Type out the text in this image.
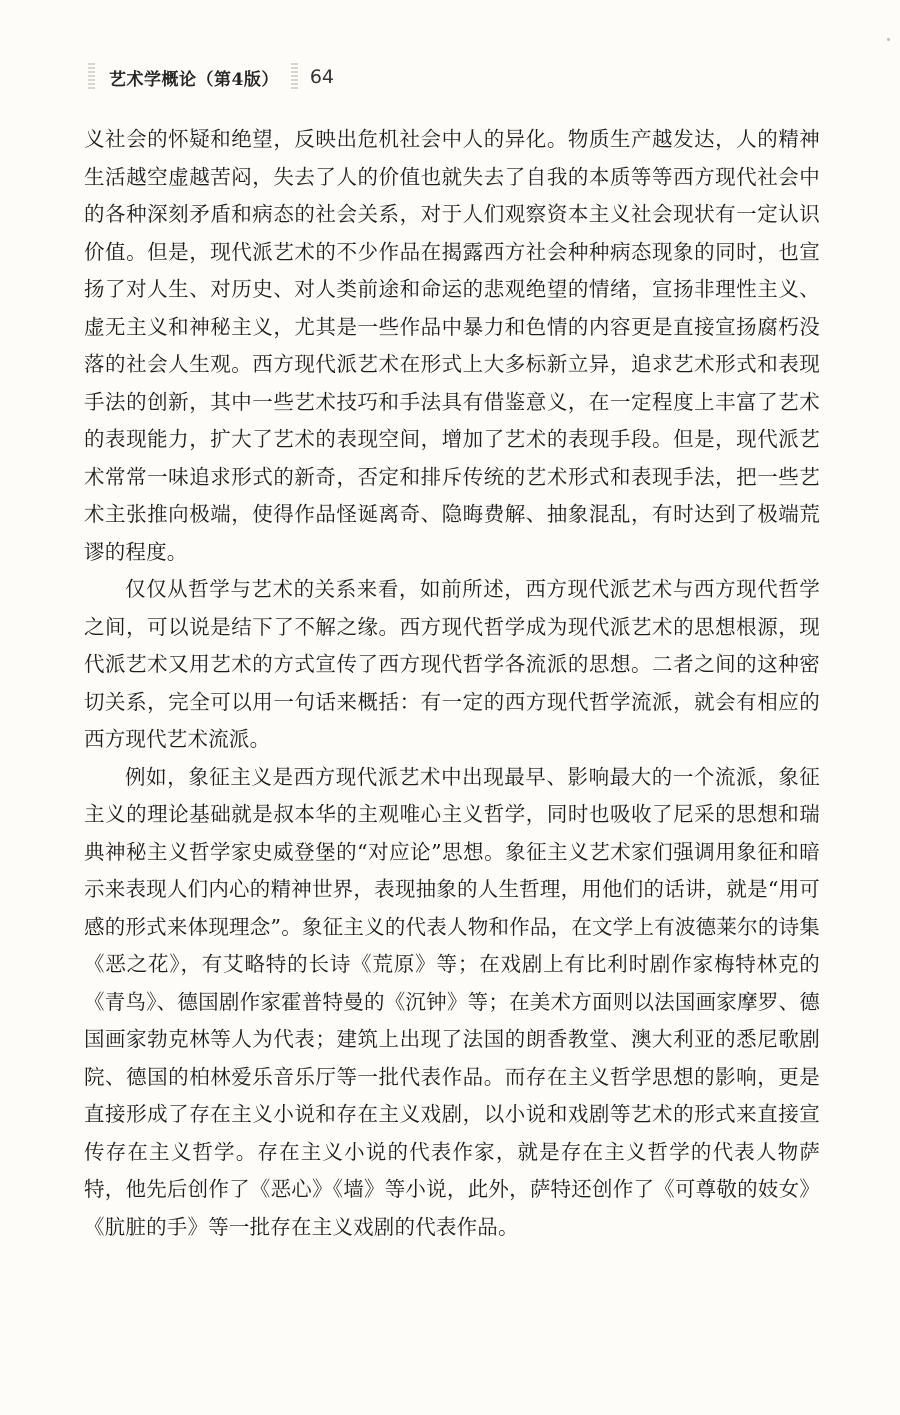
艺术学概论（第4版） 64

义社会的怀疑和绝望，反映出危机社会中人的异化。物质生产越发达，人的精神生活越空虚越苦闷，失去了人的价值也就失去了自我的本质等等西方现代社会中的各种深刻矛盾和病态的社会关系，对于人们观察资本主义社会现状有一定认识价值。但是，现代派艺术的不少作品在揭露西方社会种种病态现象的同时，也宣扬了对人生、对历史、对人类前途和命运的悲观绝望的情绪，宣扬非理性主义、虚无主义和神秘主义，尤其是一些作品中暴力和色情的内容更是直接宣扬腐朽没落的社会人生观。西方现代派艺术在形式上大多标新立异，追求艺术形式和表现手法的创新，其中一些艺术技巧和手法具有借鉴意义，在一定程度上丰富了艺术的表现能力，扩大了艺术的表现空间，增加了艺术的表现手段。但是，现代派艺术常常一味追求形式的新奇，否定和排斥传统的艺术形式和表现手法，把一些艺术主张推向极端，使得作品怪诞离奇、隐晦费解、抽象混乱，有时达到了极端荒谬的程度。

仅仅从哲学与艺术的关系来看，如前所述，西方现代派艺术与西方现代哲学之间，可以说是结下了不解之缘。西方现代哲学成为现代派艺术的思想根源，现代派艺术又用艺术的方式宣传了西方现代哲学各流派的思想。二者之间的这种密切关系，完全可以用一句话来概括：有一定的西方现代哲学流派，就会有相应的西方现代艺术流派。

例如，象征主义是西方现代派艺术中出现最早、影响最大的一个流派，象征主义的理论基础就是叔本华的主观唯心主义哲学，同时也吸收了尼采的思想和瑞典神秘主义哲学家史威登堡的“对应论”思想。象征主义艺术家们强调用象征和暗示来表现人们内心的精神世界，表现抽象的人生哲理，用他们的话讲，就是“用可感的形式来体现理念”。象征主义的代表人物和作品，在文学上有波德莱尔的诗集《恶之花》，有艾略特的长诗《荒原》等；在戏剧上有比利时剧作家梅特林克的《青鸟》、德国剧作家霍普特曼的《沉钟》等；在美术方面则以法国画家摩罗、德国画家勃克林等人为代表；建筑上出现了法国的朗香教堂、澳大利亚的悉尼歌剧院、德国的柏林爱乐音乐厅等一批代表作品。而存在主义哲学思想的影响，更是直接形成了存在主义小说和存在主义戏剧，以小说和戏剧等艺术的形式来直接宣传存在主义哲学。存在主义小说的代表作家，就是存在主义哲学的代表人物萨特，他先后创作了《恶心》《墙》等小说，此外，萨特还创作了《可尊敬的妓女》《肮脏的手》等一批存在主义戏剧的代表作品。
